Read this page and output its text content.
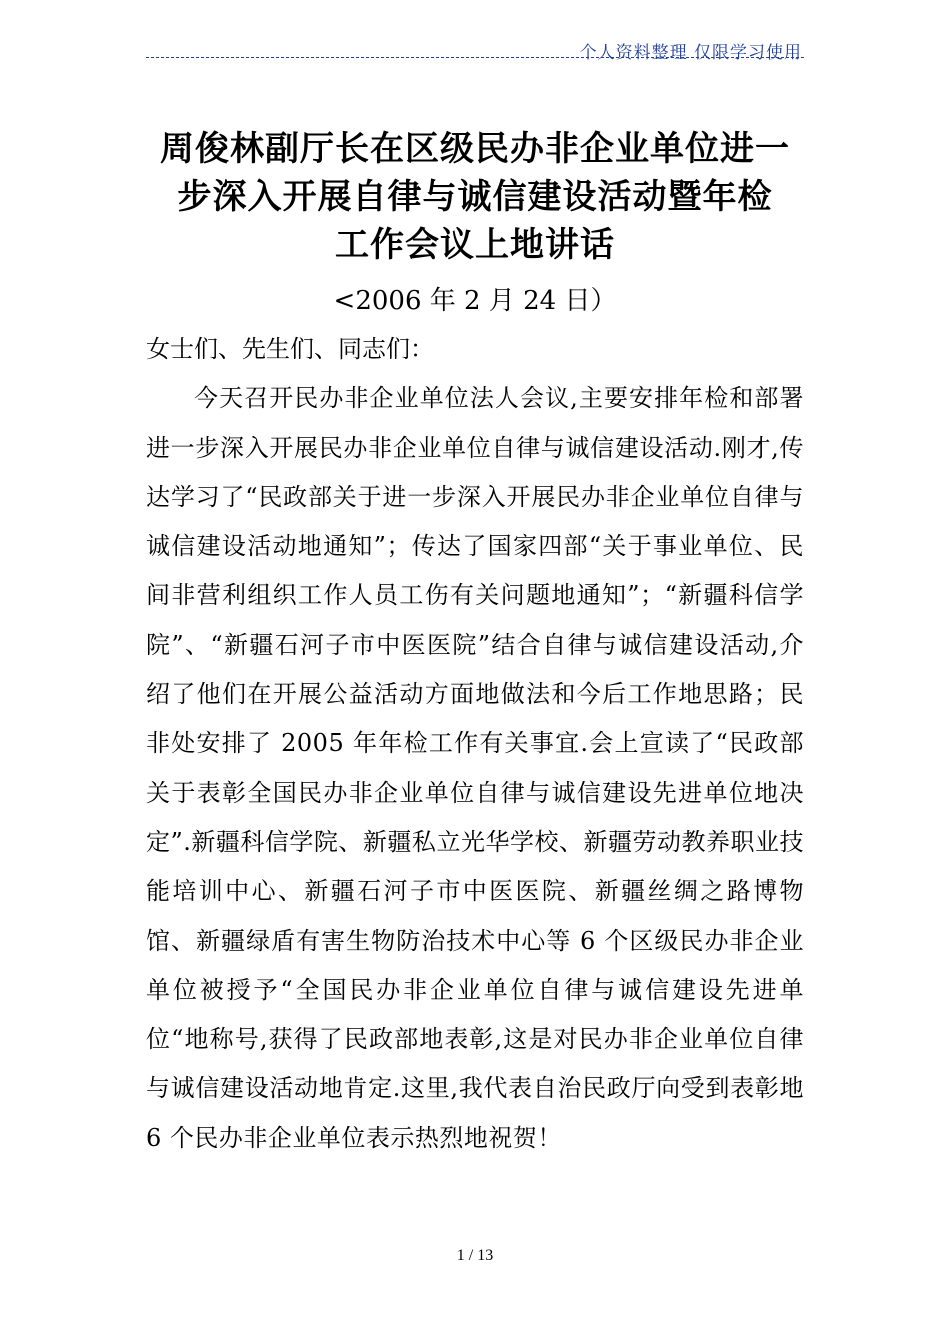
个人资料整理 仅限学习使用
周俊林副厅长在区级民办非企业单位进一
步深入开展自律与诚信建设活动暨年检
工作会议上地讲话
<2006 年 2 月 24 日）

女士们、先生们、同志们：

今天召开民办非企业单位法人会议,主要安排年检和部署进一步深入开展民办非企业单位自律与诚信建设活动.刚才,传达学习了“民政部关于进一步深入开展民办非企业单位自律与诚信建设活动地通知”；传达了国家四部“关于事业单位、民间非营利组织工作人员工伤有关问题地通知”；“新疆科信学院”、“新疆石河子市中医医院”结合自律与诚信建设活动,介绍了他们在开展公益活动方面地做法和今后工作地思路；民非处安排了 2005 年年检工作有关事宜.会上宣读了“民政部关于表彰全国民办非企业单位自律与诚信建设先进单位地决定”.新疆科信学院、新疆私立光华学校、新疆劳动教养职业技能培训中心、新疆石河子市中医医院、新疆丝绸之路博物馆、新疆绿盾有害生物防治技术中心等 6 个区级民办非企业单位被授予“全国民办非企业单位自律与诚信建设先进单位“地称号,获得了民政部地表彰,这是对民办非企业单位自律与诚信建设活动地肯定.这里,我代表自治民政厅向受到表彰地 6 个民办非企业单位表示热烈地祝贺！

1 / 13
